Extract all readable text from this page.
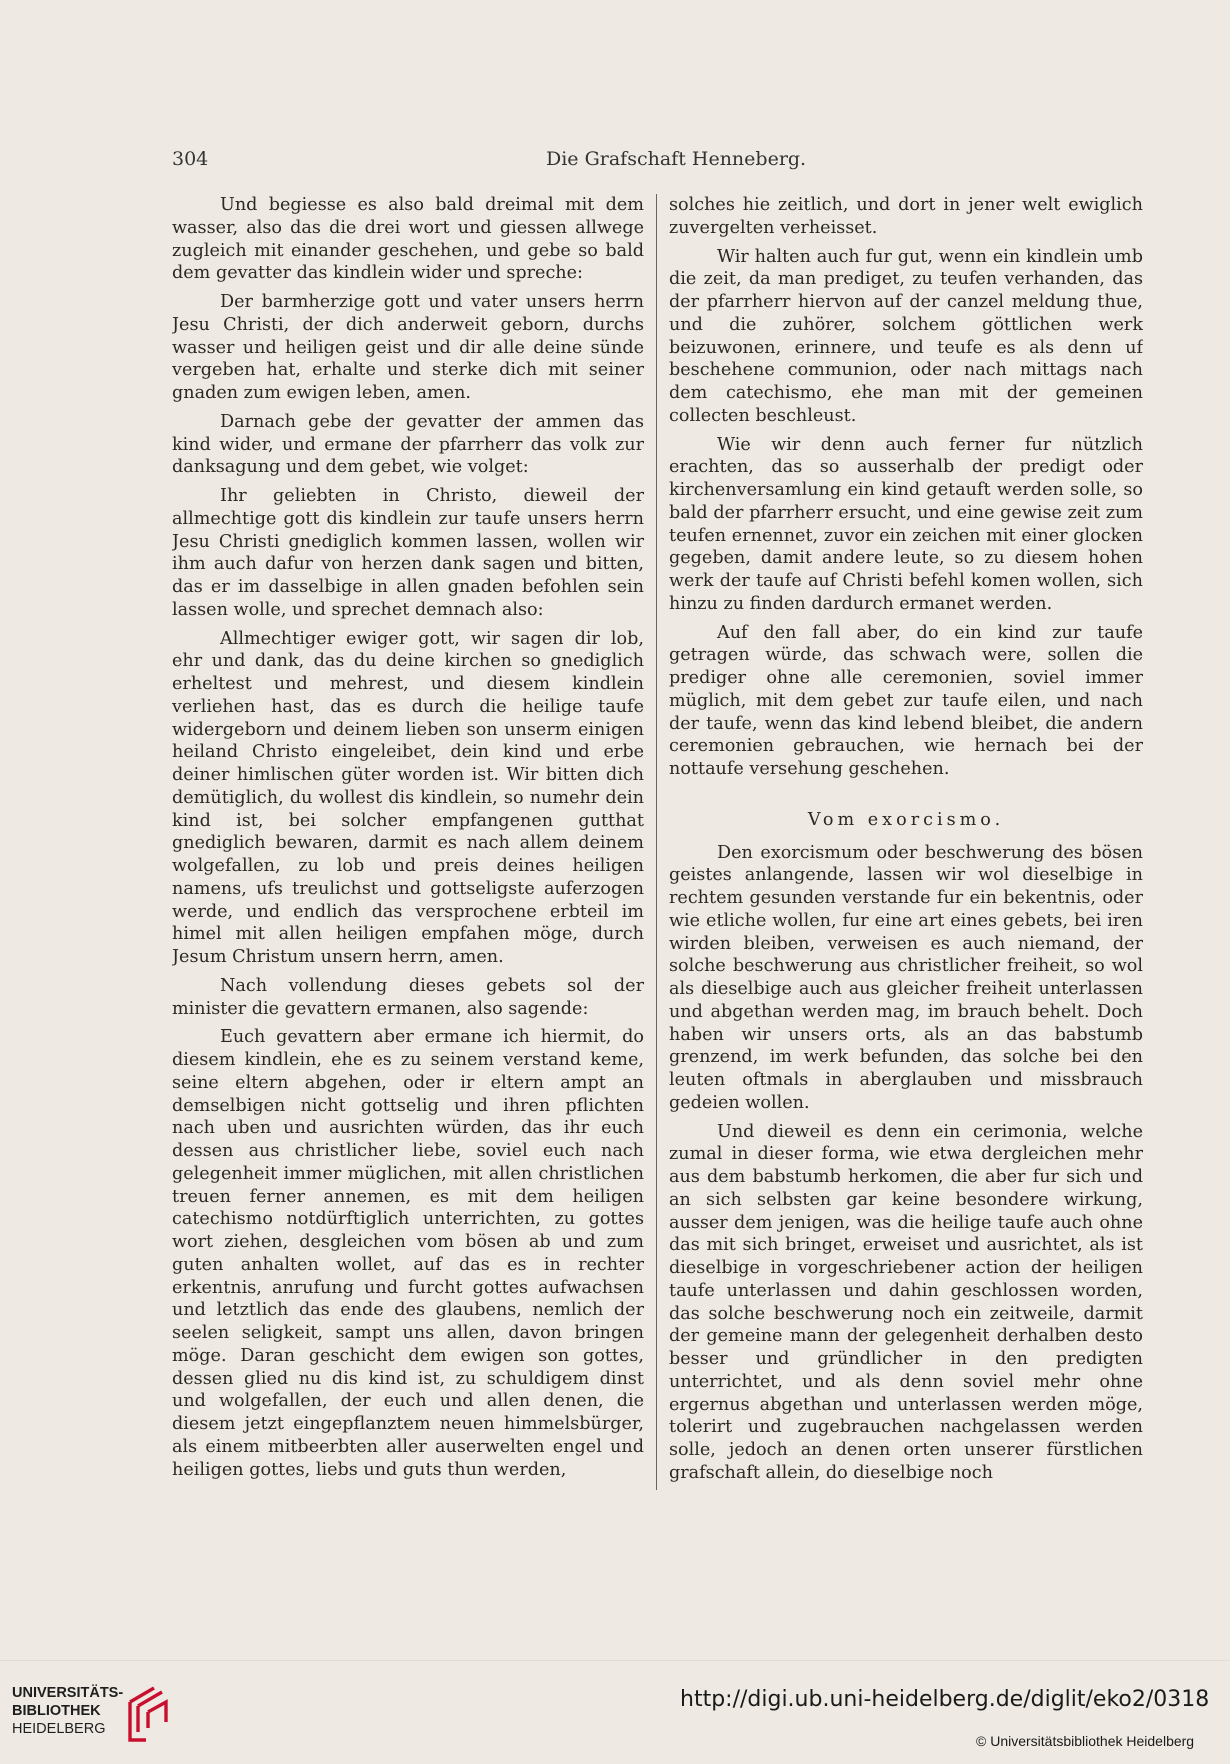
304	Die Grafschaft Henneberg.

Und begiesse es also bald dreimal mit dem wasser, also das die drei wort und giessen allwege zugleich mit einander geschehen, und gebe so bald dem gevatter das kindlein wider und spreche:

Der barmherzige gott und vater unsers herrn Jesu Christi, der dich anderweit geborn, durchs wasser und heiligen geist und dir alle deine sünde vergeben hat, erhalte und sterke dich mit seiner gnaden zum ewigen leben, amen.

Darnach gebe der gevatter der ammen das kind wider, und ermane der pfarrherr das volk zur danksagung und dem gebet, wie volget:

Ihr geliebten in Christo, dieweil der allmechtige gott dis kindlein zur taufe unsers herrn Jesu Christi gnediglich kommen lassen, wollen wir ihm auch dafur von herzen dank sagen und bitten, das er im dasselbige in allen gnaden befohlen sein lassen wolle, und sprechet demnach also:

Allmechtiger ewiger gott, wir sagen dir lob, ehr und dank, das du deine kirchen so gnediglich erheltest und mehrest, und diesem kindlein verliehen hast, das es durch die heilige taufe widergeborn und deinem lieben son unserm einigen heiland Christo eingeleibet, dein kind und erbe deiner himlischen güter worden ist. Wir bitten dich demütiglich, du wollest dis kindlein, so numehr dein kind ist, bei solcher empfangenen gutthat gnediglich bewaren, darmit es nach allem deinem wolgefallen, zu lob und preis deines heiligen namens, ufs treulichst und gottseligste auferzogen werde, und endlich das versprochene erbteil im himel mit allen heiligen empfahen möge, durch Jesum Christum unsern herrn, amen.

Nach vollendung dieses gebets sol der minister die gevattern ermanen, also sagende:

Euch gevattern aber ermane ich hiermit, do diesem kindlein, ehe es zu seinem verstand keme, seine eltern abgehen, oder ir eltern ampt an demselbigen nicht gottselig und ihren pflichten nach uben und ausrichten würden, das ihr euch dessen aus christlicher liebe, soviel euch nach gelegenheit immer müglichen, mit allen christlichen treuen ferner annemen, es mit dem heiligen catechismo notdürftiglich unterrichten, zu gottes wort ziehen, desgleichen vom bösen ab und zum guten anhalten wollet, auf das es in rechter erkentnis, anrufung und furcht gottes aufwachsen und letztlich das ende des glaubens, nemlich der seelen seligkeit, sampt uns allen, davon bringen möge. Daran geschicht dem ewigen son gottes, dessen glied nu dis kind ist, zu schuldigem dinst und wolgefallen, der euch und allen denen, die diesem jetzt eingepflanztem neuen himmelsbürger, als einem mitbeerbten aller auserwelten engel und heiligen gottes, liebs und guts thun werden,

solches hie zeitlich, und dort in jener welt ewiglich zuvergelten verheisset.

Wir halten auch fur gut, wenn ein kindlein umb die zeit, da man prediget, zu teufen verhanden, das der pfarrherr hiervon auf der canzel meldung thue, und die zuhörer, solchem göttlichen werk beizuwonen, erinnere, und teufe es als denn uf beschehene communion, oder nach mittags nach dem catechismo, ehe man mit der gemeinen collecten beschleust.

Wie wir denn auch ferner fur nützlich erachten, das so ausserhalb der predigt oder kirchenversamlung ein kind getauft werden solle, so bald der pfarrherr ersucht, und eine gewise zeit zum teufen ernennet, zuvor ein zeichen mit einer glocken gegeben, damit andere leute, so zu diesem hohen werk der taufe auf Christi befehl komen wollen, sich hinzu zu finden dardurch ermanet werden.

Auf den fall aber, do ein kind zur taufe getragen würde, das schwach were, sollen die prediger ohne alle ceremonien, soviel immer müglich, mit dem gebet zur taufe eilen, und nach der taufe, wenn das kind lebend bleibet, die andern ceremonien gebrauchen, wie hernach bei der nottaufe versehung geschehen.

Vom exorcismo.

Den exorcismum oder beschwerung des bösen geistes anlangende, lassen wir wol dieselbige in rechtem gesunden verstande fur ein bekentnis, oder wie etliche wollen, fur eine art eines gebets, bei iren wirden bleiben, verweisen es auch niemand, der solche beschwerung aus christlicher freiheit, so wol als dieselbige auch aus gleicher freiheit unterlassen und abgethan werden mag, im brauch behelt. Doch haben wir unsers orts, als an das babstumb grenzend, im werk befunden, das solche bei den leuten oftmals in aberglauben und missbrauch gedeien wollen.

Und dieweil es denn ein cerimonia, welche zumal in dieser forma, wie etwa dergleichen mehr aus dem babstumb herkomen, die aber fur sich und an sich selbsten gar keine besondere wirkung, ausser dem jenigen, was die heilige taufe auch ohne das mit sich bringet, erweiset und ausrichtet, als ist dieselbige in vorgeschriebener action der heiligen taufe unterlassen und dahin geschlossen worden, das solche beschwerung noch ein zeitweile, darmit der gemeine mann der gelegenheit derhalben desto besser und gründlicher in den predigten unterrichtet, und als denn soviel mehr ohne ergernus abgethan und unterlassen werden möge, tolerirt und zugebrauchen nachgelassen werden solle, jedoch an denen orten unserer fürstlichen grafschaft allein, do dieselbige noch

UNIVERSITÄTS-
BIBLIOTHEK
HEIDELBERG
http://digi.ub.uni-heidelberg.de/diglit/eko2/0318
© Universitätsbibliothek Heidelberg
